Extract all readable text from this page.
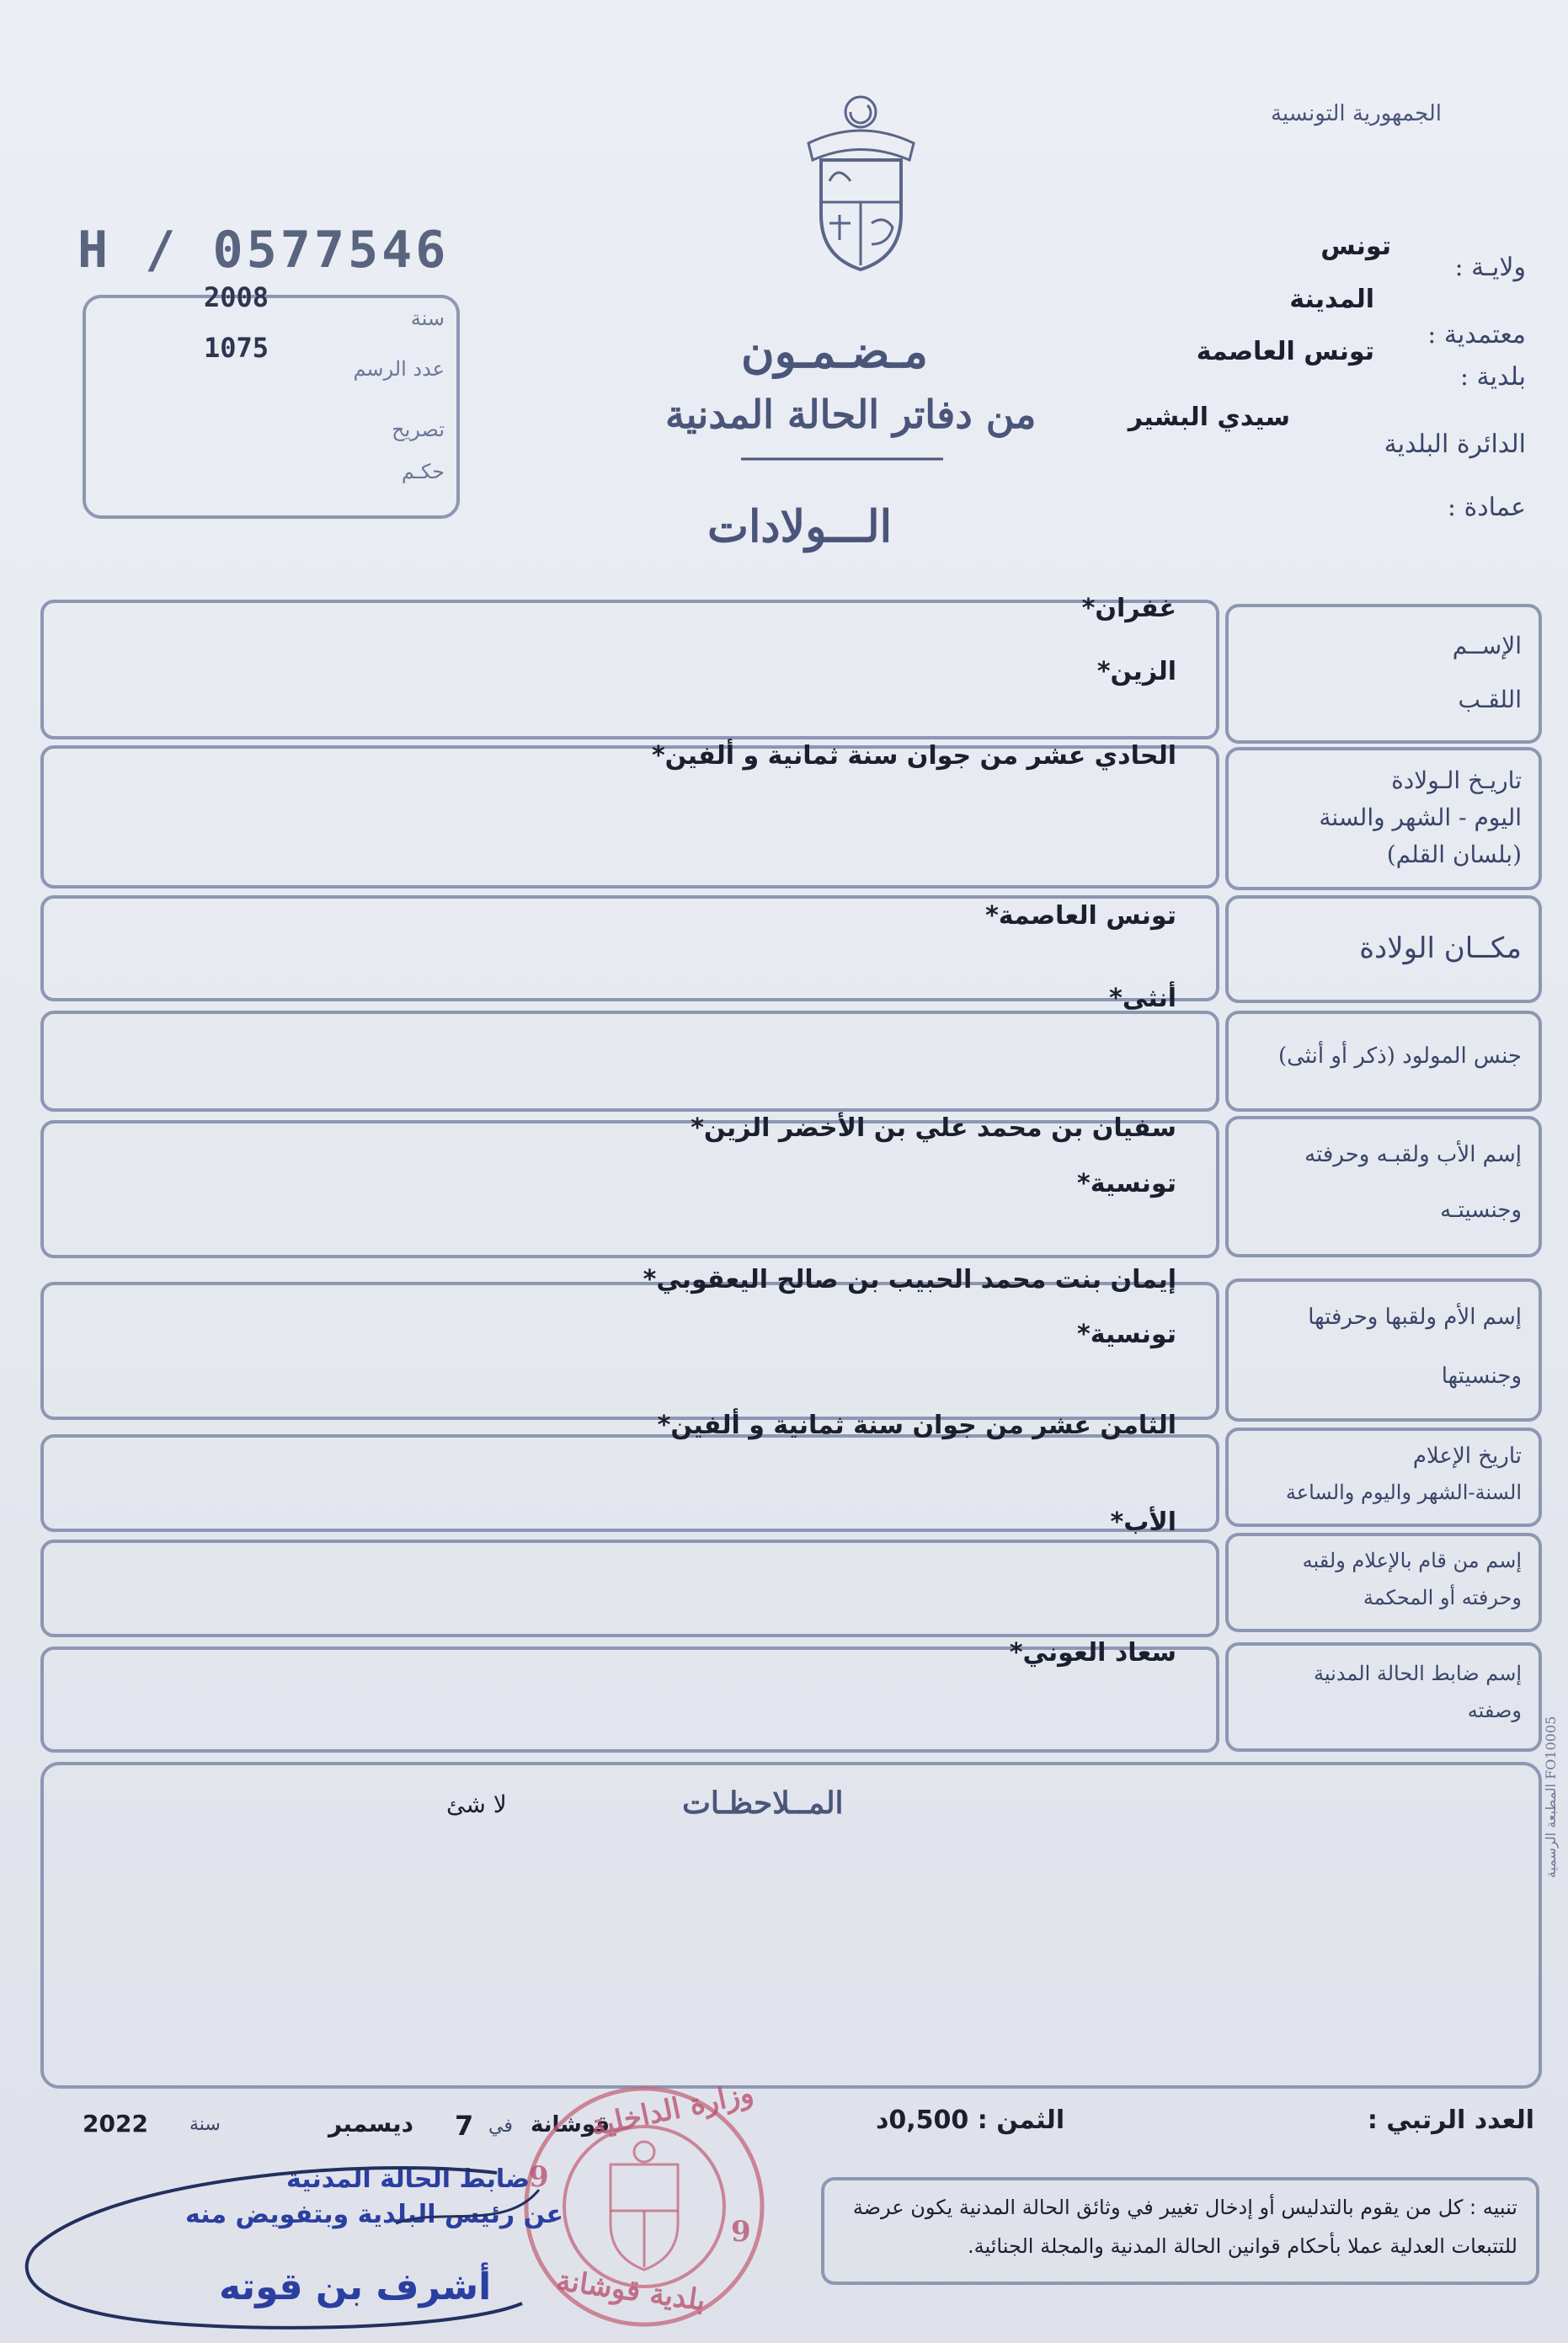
الجمهورية التونسية
ولايـة :
تونس
معتمدية :
المدينة
بلدية :
تونس العاصمة
الدائرة البلدية
سيدي البشير
عمادة :
H / 0577546
2008
سنة
1075
عدد الرسم
تصريح
حكـم
مـضـمـون
من دفاتر الحالة المدنية
الـــولادات
الإســم
اللقـب
غفران*
الزين*
تاريـخ الـولادة
اليوم - الشهر والسنة
(بلسان القلم)
الحادي عشر من جوان سنة ثمانية و ألفين*
مكــان الولادة
تونس العاصمة*
جنس المولود (ذكر أو أنثى)
أنثى*
إسم الأب ولقبـه وحرفته
وجنسيتـه
سفيان بن محمد علي بن الأخضر الزين*
تونسية*
إسم الأم ولقبها وحرفتها
وجنسيتها
إيمان بنت محمد الحبيب بن صالح اليعقوبي*
تونسية*
تاريخ الإعلام
السنة-الشهر واليوم والساعة
الثامن عشر من جوان سنة ثمانية و ألفين*
إسم من قام بالإعلام ولقبه
وحرفته أو المحكمة
الأب*
إسم ضابط الحالة المدنية
وصفته
سعاد العوني*
المــلاحظـات
لا شئ	المطبعة الرسمية FO10005
العدد الرتبي :
الثمن : 0,500د
2022 سنة	ديسمبر 7 في قوشانة
تنبيه : كل من يقوم بالتدليس أو إدخال تغيير في وثائق الحالة المدنية يكون عرضة
للتتبعات العدلية عملا بأحكام قوانين الحالة المدنية والمجلة الجنائية.
وزارة الداخلية
بلدية قوشانة
9
9
ضابط الحالة المدنية
عن رئيس البلدية وبتفويض منه
أشرف بن قوته
